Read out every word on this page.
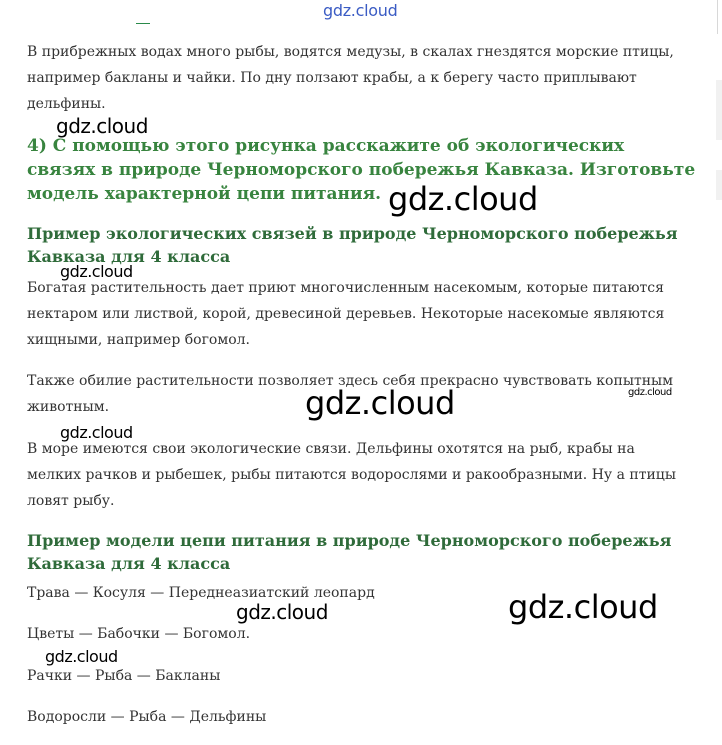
gdz.cloud

В прибрежных водах много рыбы, водятся медузы, в скалах гнездятся морские птицы, например бакланы и чайки. По дну ползают крабы, а к берегу часто приплывают дельфины.

4) С помощью этого рисунка расскажите об экологических связях в природе Черноморского побережья Кавказа. Изготовьте модель характерной цепи питания.
Пример экологических связей в природе Черноморского побережья Кавказа для 4 класса

Богатая растительность дает приют многочисленным насекомым, которые питаются нектаром или листвой, корой, древесиной деревьев. Некоторые насекомые являются хищными, например богомол.

Также обилие растительности позволяет здесь себя прекрасно чувствовать копытным животным.

В море имеются свои экологические связи. Дельфины охотятся на рыб, крабы на мелких рачков и рыбешек, рыбы питаются водорослями и ракообразными. Ну а птицы ловят рыбу.

Пример модели цепи питания в природе Черноморского побережья Кавказа для 4 класса
Трава — Косуля — Переднеазиатский леопард
Цветы — Бабочки — Богомол.
Рачки — Рыба — Бакланы
Водоросли — Рыба — Дельфины
gdz.cloud
gdz.cloud
gdz.cloud
gdz.cloud	gdz.cloud
gdz.cloud
gdz.cloud
gdz.cloud
gdz.cloud
